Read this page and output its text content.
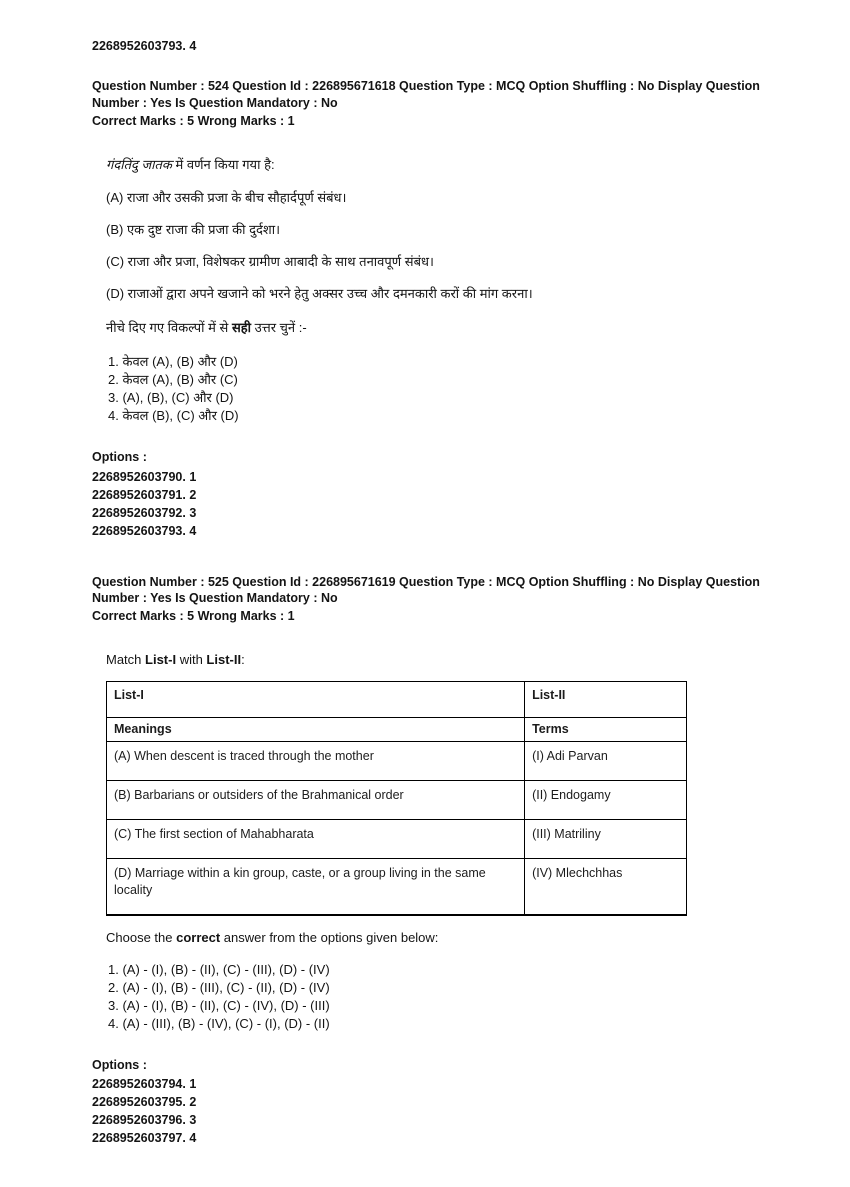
2268952603793. 4

Question Number : 524 Question Id : 226895671618 Question Type : MCQ Option Shuffling : No Display Question Number : Yes Is Question Mandatory : No

Correct Marks : 5 Wrong Marks : 1

गंदतिंदु जातक में वर्णन किया गया है:

(A) राजा और उसकी प्रजा के बीच सौहार्दपूर्ण संबंध।

(B) एक दुष्ट राजा की प्रजा की दुर्दशा।

(C) राजा और प्रजा, विशेषकर ग्रामीण आबादी के साथ तनावपूर्ण संबंध।

(D) राजाओं द्वारा अपने खजाने को भरने हेतु अक्सर उच्च और दमनकारी करों की मांग करना।

नीचे दिए गए विकल्पों में से सही उत्तर चुनें :-

1. केवल (A), (B) और (D)
2. केवल (A), (B) और (C)
3. (A), (B), (C) और (D)
4. केवल (B), (C) और (D)

Options :

2268952603790. 1
2268952603791. 2
2268952603792. 3
2268952603793. 4

Question Number : 525 Question Id : 226895671619 Question Type : MCQ Option Shuffling : No Display Question Number : Yes Is Question Mandatory : No

Correct Marks : 5 Wrong Marks : 1

Match List-I with List-II:

List-I	List-II
Meanings	Terms
(A) When descent is traced through the mother	(I) Adi Parvan
(B) Barbarians or outsiders of the Brahmanical order	(II) Endogamy
(C) The first section of Mahabharata	(III) Matriliny
(D) Marriage within a kin group, caste, or a group living in the same locality	(IV) Mlechchhas

Choose the correct answer from the options given below:

1. (A) - (I), (B) - (II), (C) - (III), (D) - (IV)
2. (A) - (I), (B) - (III), (C) - (II), (D) - (IV)
3. (A) - (I), (B) - (II), (C) - (IV), (D) - (III)
4. (A) - (III), (B) - (IV), (C) - (I), (D) - (II)

Options :

2268952603794. 1
2268952603795. 2
2268952603796. 3
2268952603797. 4
